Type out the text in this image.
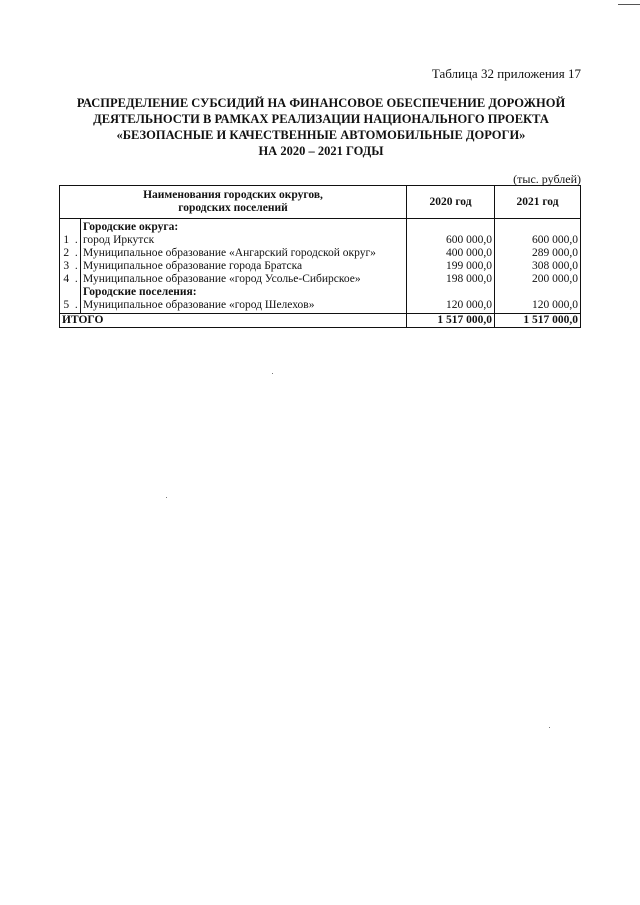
Таблица 32 приложения 17
РАСПРЕДЕЛЕНИЕ СУБСИДИЙ НА ФИНАНСОВОЕ ОБЕСПЕЧЕНИЕ ДОРОЖНОЙ
ДЕЯТЕЛЬНОСТИ В РАМКАХ РЕАЛИЗАЦИИ НАЦИОНАЛЬНОГО ПРОЕКТА
«БЕЗОПАСНЫЕ И КАЧЕСТВЕННЫЕ АВТОМОБИЛЬНЫЕ ДОРОГИ»
НА 2020 – 2021 ГОДЫ
(тыс. рублей)
Наименования городских округов,
городских поселений			2020 год	2021 год
		Городские округа:		
1	.	город Иркутск	600 000,0	600 000,0
2	.	Муниципальное образование «Ангарский городской округ»	400 000,0	289 000,0
3	.	Муниципальное образование города Братска	199 000,0	308 000,0
4	.	Муниципальное образование «город Усолье-Сибирское»	198 000,0	200 000,0
		Городские поселения:		
5	.	Муниципальное образование «город Шелехов»	120 000,0	120 000,0
ИТОГО			1 517 000,0	1 517 000,0
